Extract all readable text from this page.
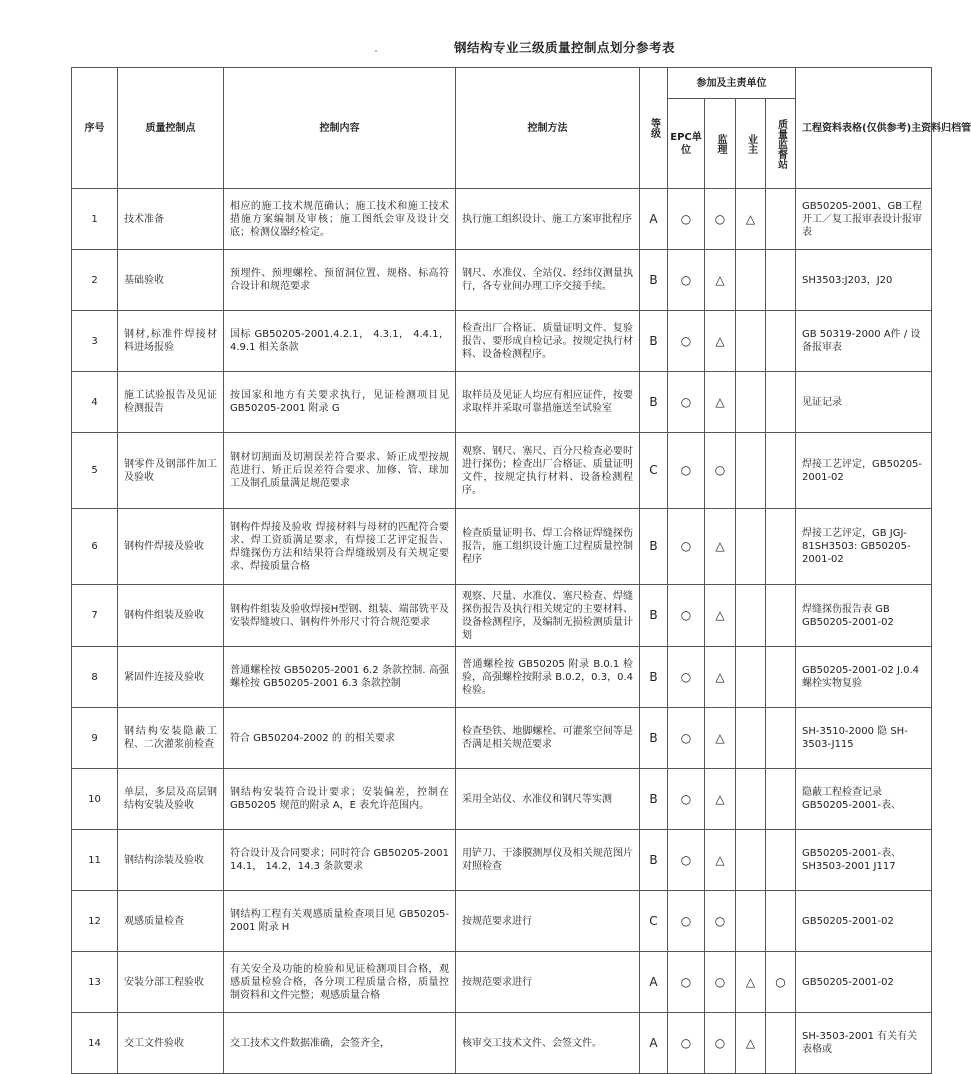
钢结构专业三级质量控制点划分参考表
序号	质量控制点	控制内容	控制方法	等级	参加及主责单位				工程资料表格(仅供参考)主资料归档管
					EPC单位	监理	业主	质量监督站	

1	技术准备	相应的施工技术规范确认；施工技术和施工技术措施方案编制及审核；施工图纸会审及设计交底；检测仪器经检定。	执行施工组织设计、施工方案审批程序	A	○	○	△		GB50205-2001、GB工程开工／复工报审表设计报审表
2	基础验收	预埋件、预埋螺栓、预留洞位置、规格、标高符合设计和规范要求	钢尺、水准仪、全站仪、经纬仪测量执行，各专业间办理工序交接手续。	B	○	△			SH3503:J203，J20
3	钢材,标准件焊接材料进场报验	国标 GB50205-2001.4.2.1， 4.3.1， 4.4.1，4.9.1 相关条款	检查出厂合格证、质量证明文件、复验报告、要形成自检记录。按规定执行材料、设备检测程序。	B	○	△			GB 50319-2000 A件 / 设备报审表
4	施工试验报告及见证检测报告	按国家和地方有关要求执行，见证检测项目见 GB50205-2001 附录 G	取样员及见证人均应有相应证件，按要求取样并采取可靠措施送至试验室	B	○	△			见证记录
5	钢零件及钢部件加工及验收	钢材切割面及切割误差符合要求、矫正成型按规范进行、矫正后误差符合要求、加修、管、球加工及制孔质量满足规范要求	观察、钢尺、塞尺、百分尺检查必要时进行探伤；检查出厂合格证、质量证明文件，按规定执行材料、设备检测程序。	C	○	○			焊接工艺评定，GB50205-2001-02
6	钢构件焊接及验收	钢构件焊接及验收 焊接材料与母材的匹配符合要求、焊工资质满足要求，有焊接工艺评定报告、焊缝探伤方法和结果符合焊缝级别及有关规定要求、焊接质量合格	检查质量证明书、焊工合格证焊缝探伤报告，施工组织设计施工过程质量控制程序	B	○	△			焊接工艺评定，GB JGJ-81SH3503: GB50205-2001-02
7	钢构件组装及验收	钢构件组装及验收焊接H型钢、组装、端部铣平及安装焊缝坡口、钢构件外形尺寸符合规范要求	观察、尺量、水准仪、塞尺检查、焊缝探伤报告及执行相关规定的主要材料、设备检测程序，及编制无损检测质量计划	B	○	△			焊缝探伤报告表 GB GB50205-2001-02
8	紧固件连接及验收	普通螺栓按 GB50205-2001 6.2 条款控制. 高强螺栓按 GB50205-2001 6.3 条款控制	普通螺栓按 GB50205 附录 B.0.1 检验，高强螺栓按附录 B.0.2，0.3，0.4 检验。	B	○	△			GB50205-2001-02 J.0.4 螺栓实物复验
9	钢结构安装隐蔽工程、二次灌浆前检查	符合 GB50204-2002 的 的相关要求	检查垫铁、地脚螺栓、可灌浆空间等是否满足相关规范要求	B	○	△			SH-3510-2000 隐 SH-3503-J115
10	单层，多层及高层钢结构安装及验收	钢结构安装符合设计要求；安装偏差，控制在 GB50205 规范的附录 A，E 表允许范围内。	采用全站仪、水准仪和钢尺等实测	B	○	△			隐蔽工程检查记录 GB50205-2001-表、
11	钢结构涂装及验收	符合设计及合同要求；同时符合 GB50205-2001 14.1， 14.2，14.3 条款要求	用铲刀、干漆膜测厚仪及相关规范图片对照检查	B	○	△			GB50205-2001-表、SH3503-2001 J117
12	观感质量检查	钢结构工程有关观感质量检查项目见 GB50205-2001 附录 H	按规范要求进行	C	○	○			GB50205-2001-02
13	安装分部工程验收	有关安全及功能的检验和见证检测项目合格，观感质量检验合格，各分项工程质量合格，质量控制资料和文件完整；观感质量合格	按规范要求进行	A	○	○	△	○	GB50205-2001-02
14	交工文件验收	交工技术文件数据准确，会签齐全，	核审交工技术文件、会签文件。	A	○	○	△		SH-3503-2001 有关有关表格或
